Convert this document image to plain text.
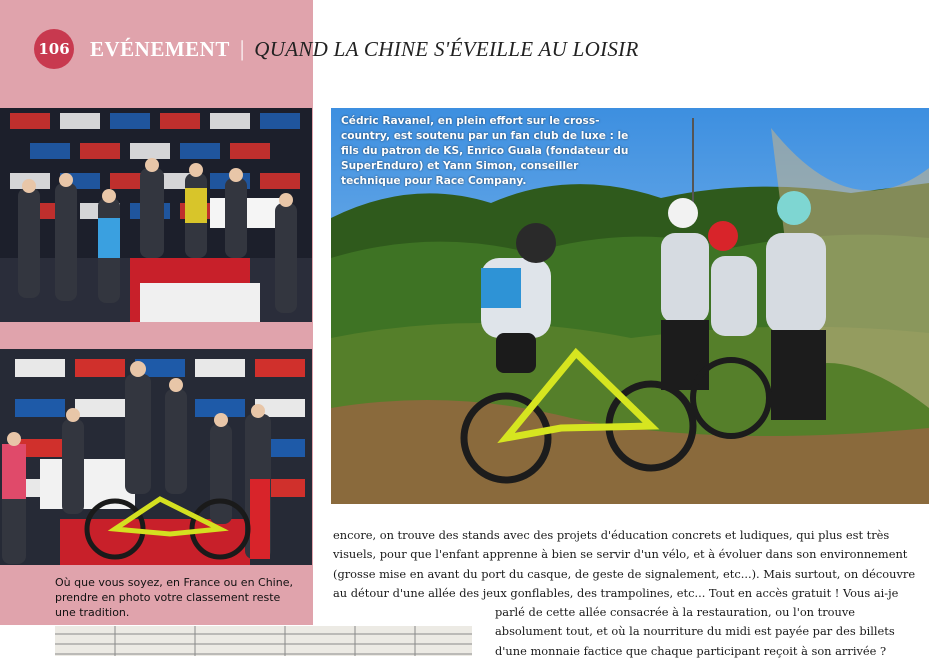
106 EVÉNEMENT | QUAND LA CHINE S'ÉVEILLE AU LOISIR
Cédric Ravanel, en plein effort sur le cross-country, est soutenu par un fan club de luxe : le fils du patron de KS, Enrico Guala (fondateur du SuperEnduro) et Yann Simon, conseiller technique pour Race Company.
Où que vous soyez, en France ou en Chine, prendre en photo votre classement reste une tradition.

encore, on trouve des stands avec des projets d'éducation concrets et ludiques, qui plus est très

visuels, pour que l'enfant apprenne à bien se servir d'un vélo, et à évoluer dans son environnement

(grosse mise en avant du port du casque, de geste de signalement, etc...). Mais surtout, on découvre

au détour d'une allée des jeux gonflables, des trampolines, etc... Tout en accès gratuit ! Vous ai-je

parlé de cette allée consacrée à la restauration, ou l'on trouve

absolument tout, et où la nourriture du midi est payée par des billets

d'une monnaie factice que chaque participant reçoit à son arrivée ?
